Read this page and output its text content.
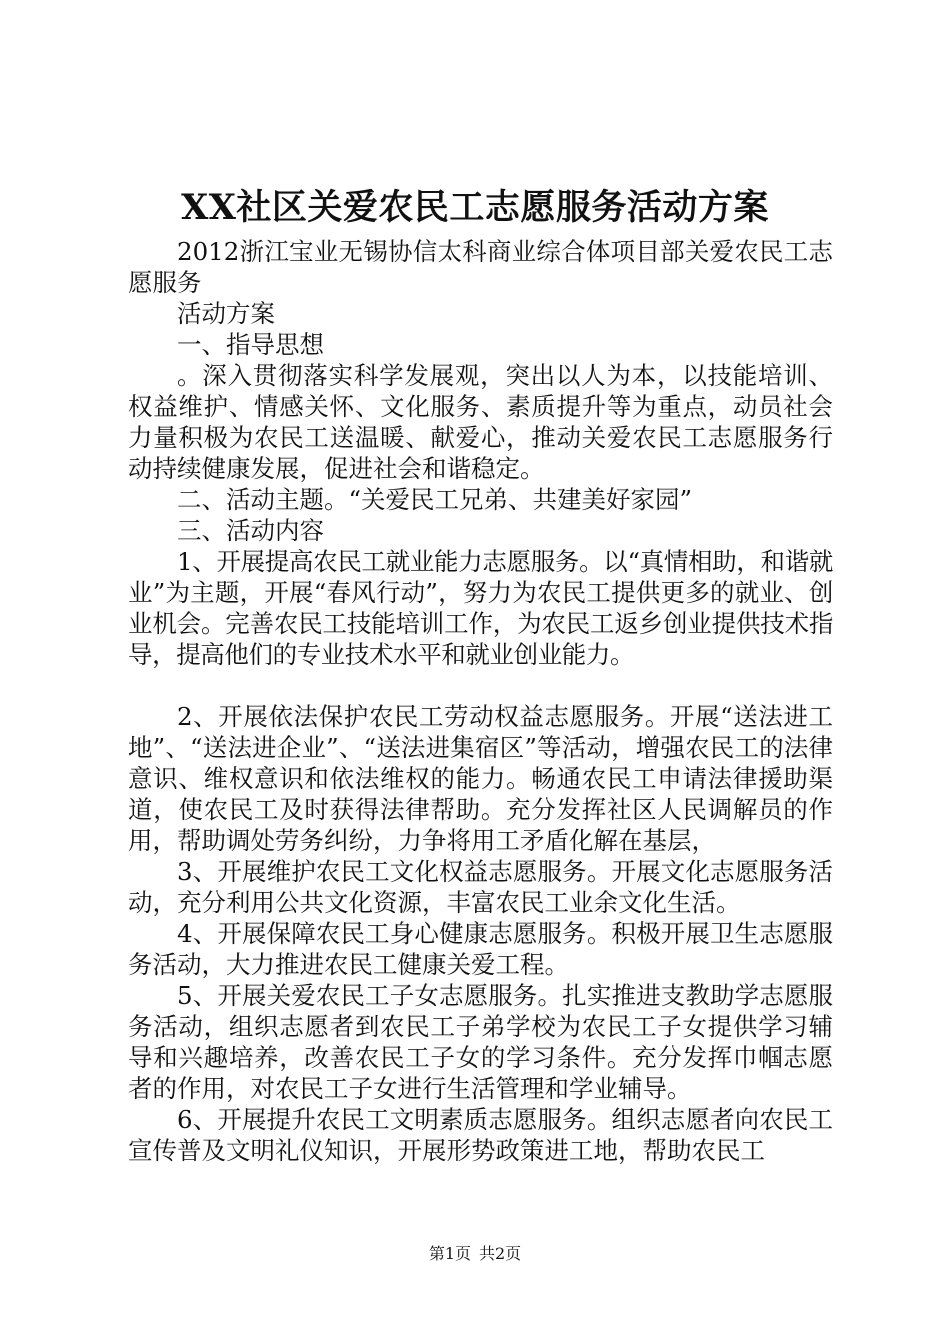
XX社区关爱农民工志愿服务活动方案

2012浙江宝业无锡协信太科商业综合体项目部关爱农民工志愿服务

活动方案

一、指导思想

。深入贯彻落实科学发展观，突出以人为本，以技能培训、权益维护、情感关怀、文化服务、素质提升等为重点，动员社会力量积极为农民工送温暖、献爱心，推动关爱农民工志愿服务行动持续健康发展，促进社会和谐稳定。

二、活动主题。“关爱民工兄弟、共建美好家园”

三、活动内容

1、开展提高农民工就业能力志愿服务。以“真情相助，和谐就业”为主题，开展“春风行动”，努力为农民工提供更多的就业、创业机会。完善农民工技能培训工作，为农民工返乡创业提供技术指导，提高他们的专业技术水平和就业创业能力。

2、开展依法保护农民工劳动权益志愿服务。开展“送法进工地”、“送法进企业”、“送法进集宿区”等活动，增强农民工的法律意识、维权意识和依法维权的能力。畅通农民工申请法律援助渠道，使农民工及时获得法律帮助。充分发挥社区人民调解员的作用，帮助调处劳务纠纷，力争将用工矛盾化解在基层，

3、开展维护农民工文化权益志愿服务。开展文化志愿服务活动，充分利用公共文化资源，丰富农民工业余文化生活。

4、开展保障农民工身心健康志愿服务。积极开展卫生志愿服务活动，大力推进农民工健康关爱工程。

5、开展关爱农民工子女志愿服务。扎实推进支教助学志愿服务活动，组织志愿者到农民工子弟学校为农民工子女提供学习辅导和兴趣培养，改善农民工子女的学习条件。充分发挥巾帼志愿者的作用，对农民工子女进行生活管理和学业辅导。

6、开展提升农民工文明素质志愿服务。组织志愿者向农民工宣传普及文明礼仪知识，开展形势政策进工地，帮助农民工

第1页 共2页
